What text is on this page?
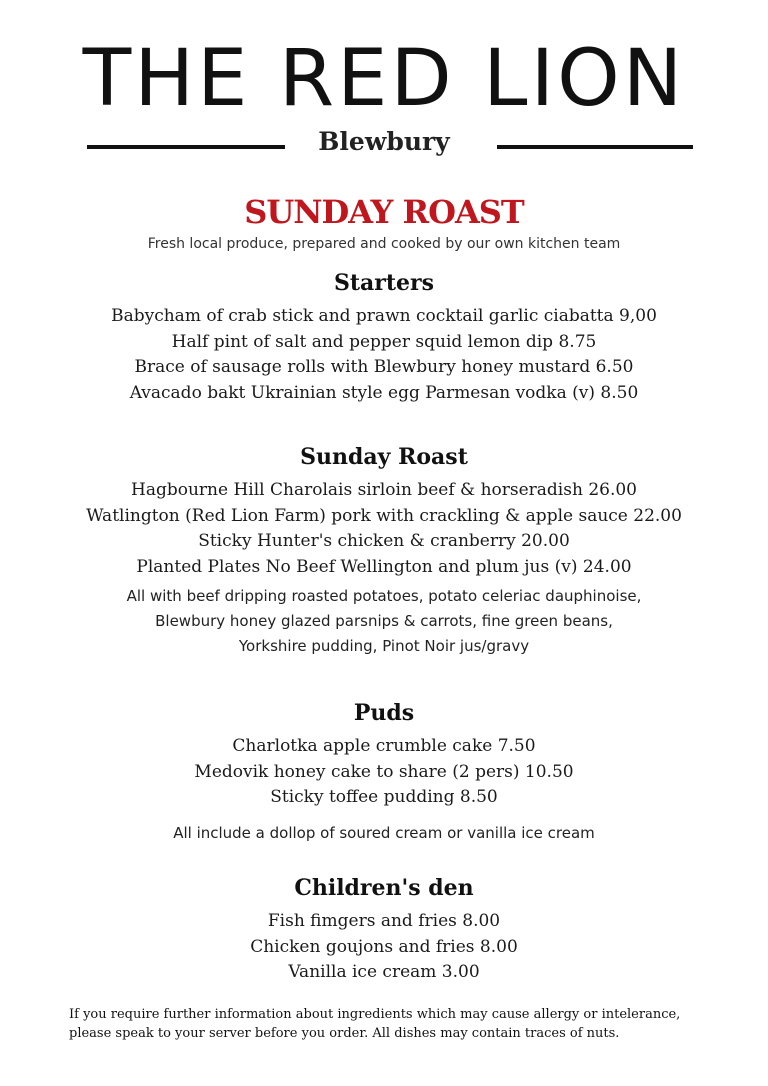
THE RED LION
Blewbury
SUNDAY ROAST
Fresh local produce, prepared and cooked by our own kitchen team
Starters
Babycham of crab stick and prawn cocktail garlic ciabatta 9,00
Half pint of salt and pepper squid lemon dip 8.75
Brace of sausage rolls with Blewbury honey mustard 6.50
Avacado bakt Ukrainian style egg Parmesan vodka (v) 8.50
Sunday Roast
Hagbourne Hill Charolais sirloin beef & horseradish 26.00
Watlington (Red Lion Farm) pork with crackling & apple sauce 22.00
Sticky Hunter's chicken & cranberry 20.00
Planted Plates No Beef Wellington and plum jus (v) 24.00
All with beef dripping roasted potatoes, potato celeriac dauphinoise,
Blewbury honey glazed parsnips & carrots, fine green beans,
Yorkshire pudding, Pinot Noir jus/gravy
Puds
Charlotka apple crumble cake 7.50
Medovik honey cake to share (2 pers) 10.50
Sticky toffee pudding 8.50
All include a dollop of soured cream or vanilla ice cream
Children's den
Fish fimgers and fries 8.00
Chicken goujons and fries 8.00
Vanilla ice cream 3.00
If you require further information about ingredients which may cause allergy or intelerance,
please speak to your server before you order. All dishes may contain traces of nuts.
